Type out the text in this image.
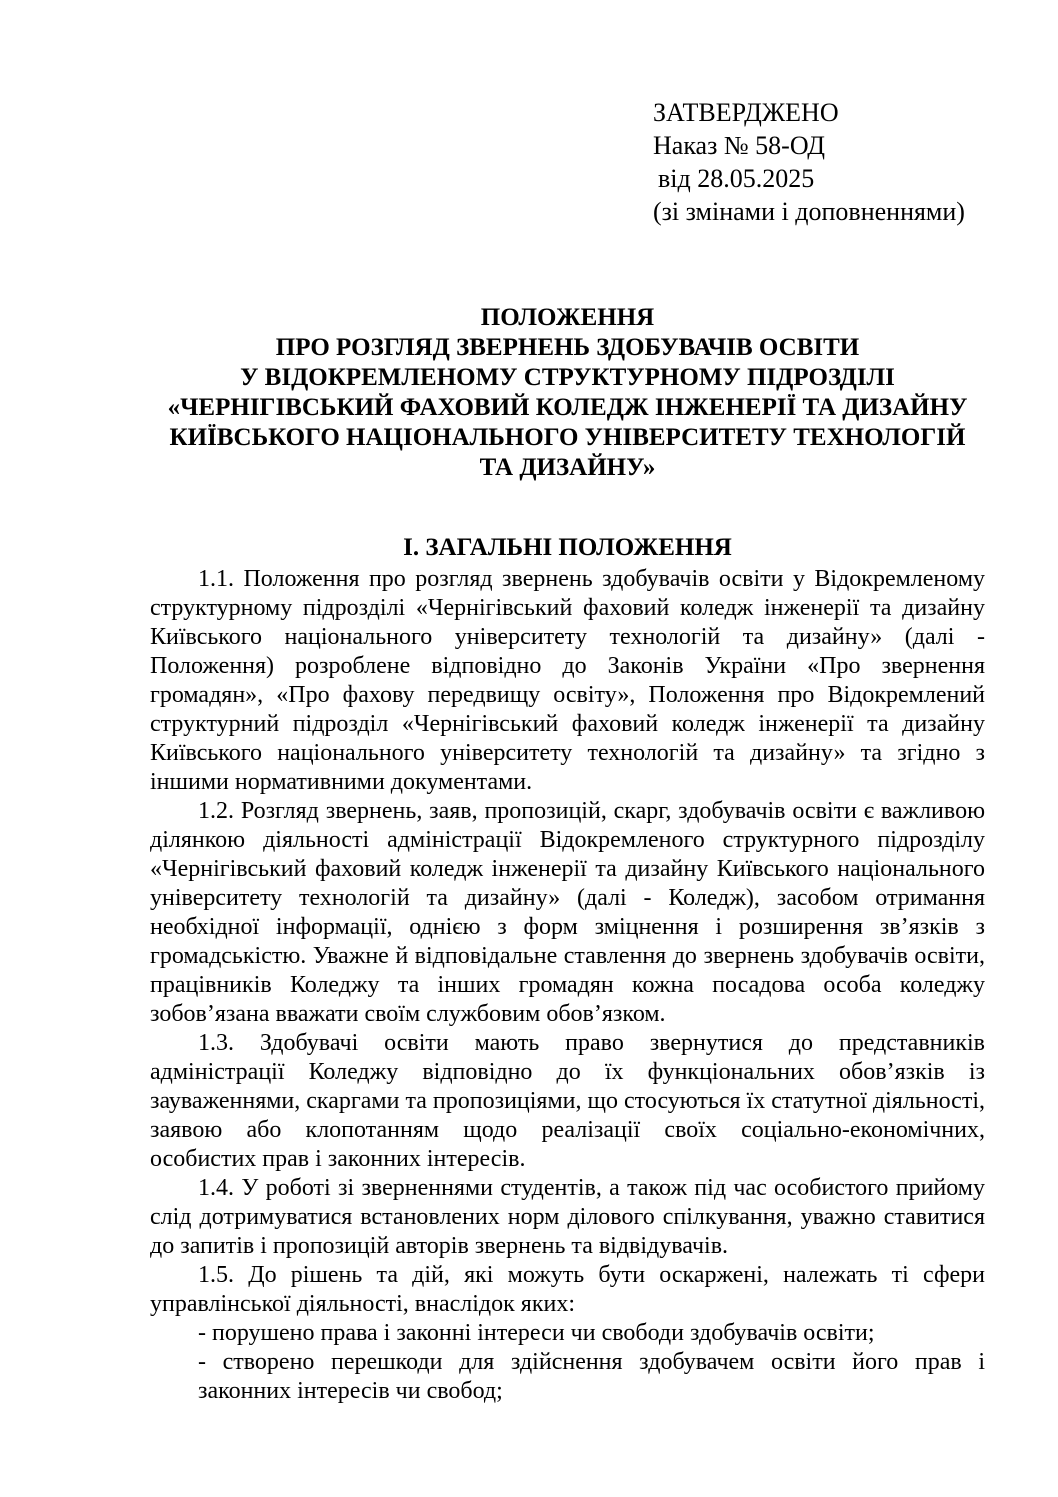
ЗАТВЕРДЖЕНО
Наказ № 58-ОД
від 28.05.2025
(зі змінами і доповненнями)
ПОЛОЖЕННЯ
ПРО РОЗГЛЯД ЗВЕРНЕНЬ ЗДОБУВАЧІВ ОСВІТИ
У ВІДОКРЕМЛЕНОМУ СТРУКТУРНОМУ ПІДРОЗДІЛІ
«ЧЕРНІГІВСЬКИЙ ФАХОВИЙ КОЛЕДЖ ІНЖЕНЕРІЇ ТА ДИЗАЙНУ
КИЇВСЬКОГО НАЦІОНАЛЬНОГО УНІВЕРСИТЕТУ ТЕХНОЛОГІЙ
ТА ДИЗАЙНУ»
І. ЗАГАЛЬНІ ПОЛОЖЕННЯ

1.1. Положення про розгляд звернень здобувачів освіти у Відокремленому структурному підрозділі «Чернігівський фаховий коледж інженерії та дизайну Київського національного університету технологій та дизайну» (далі - Положення) розроблене відповідно до Законів України «Про звернення громадян», «Про фахову передвищу освіту», Положення про Відокремлений структурний підрозділ «Чернігівський фаховий коледж інженерії та дизайну Київського національного університету технологій та дизайну» та згідно з іншими нормативними документами.

1.2. Розгляд звернень, заяв, пропозицій, скарг, здобувачів освіти є важливою ділянкою діяльності адміністрації Відокремленого структурного підрозділу «Чернігівський фаховий коледж інженерії та дизайну Київського національного університету технологій та дизайну» (далі - Коледж), засобом отримання необхідної інформації, однією з форм зміцнення і розширення зв’язків з громадськістю. Уважне й відповідальне ставлення до звернень здобувачів освіти, працівників Коледжу та інших громадян кожна посадова особа коледжу зобов’язана вважати своїм службовим обов’язком.

1.3. Здобувачі освіти мають право звернутися до представників адміністрації Коледжу відповідно до їх функціональних обов’язків із зауваженнями, скаргами та пропозиціями, що стосуються їх статутної діяльності, заявою або клопотанням щодо реалізації своїх соціально-економічних, особистих прав і законних інтересів.

1.4. У роботі зі зверненнями студентів, а також під час особистого прийому слід дотримуватися встановлених норм ділового спілкування, уважно ставитися до запитів і пропозицій авторів звернень та відвідувачів.

1.5. До рішень та дій, які можуть бути оскаржені, належать ті сфери управлінської діяльності, внаслідок яких:

- порушено права і законні інтереси чи свободи здобувачів освіти;

- створено перешкоди для здійснення здобувачем освіти його прав і законних інтересів чи свобод;
